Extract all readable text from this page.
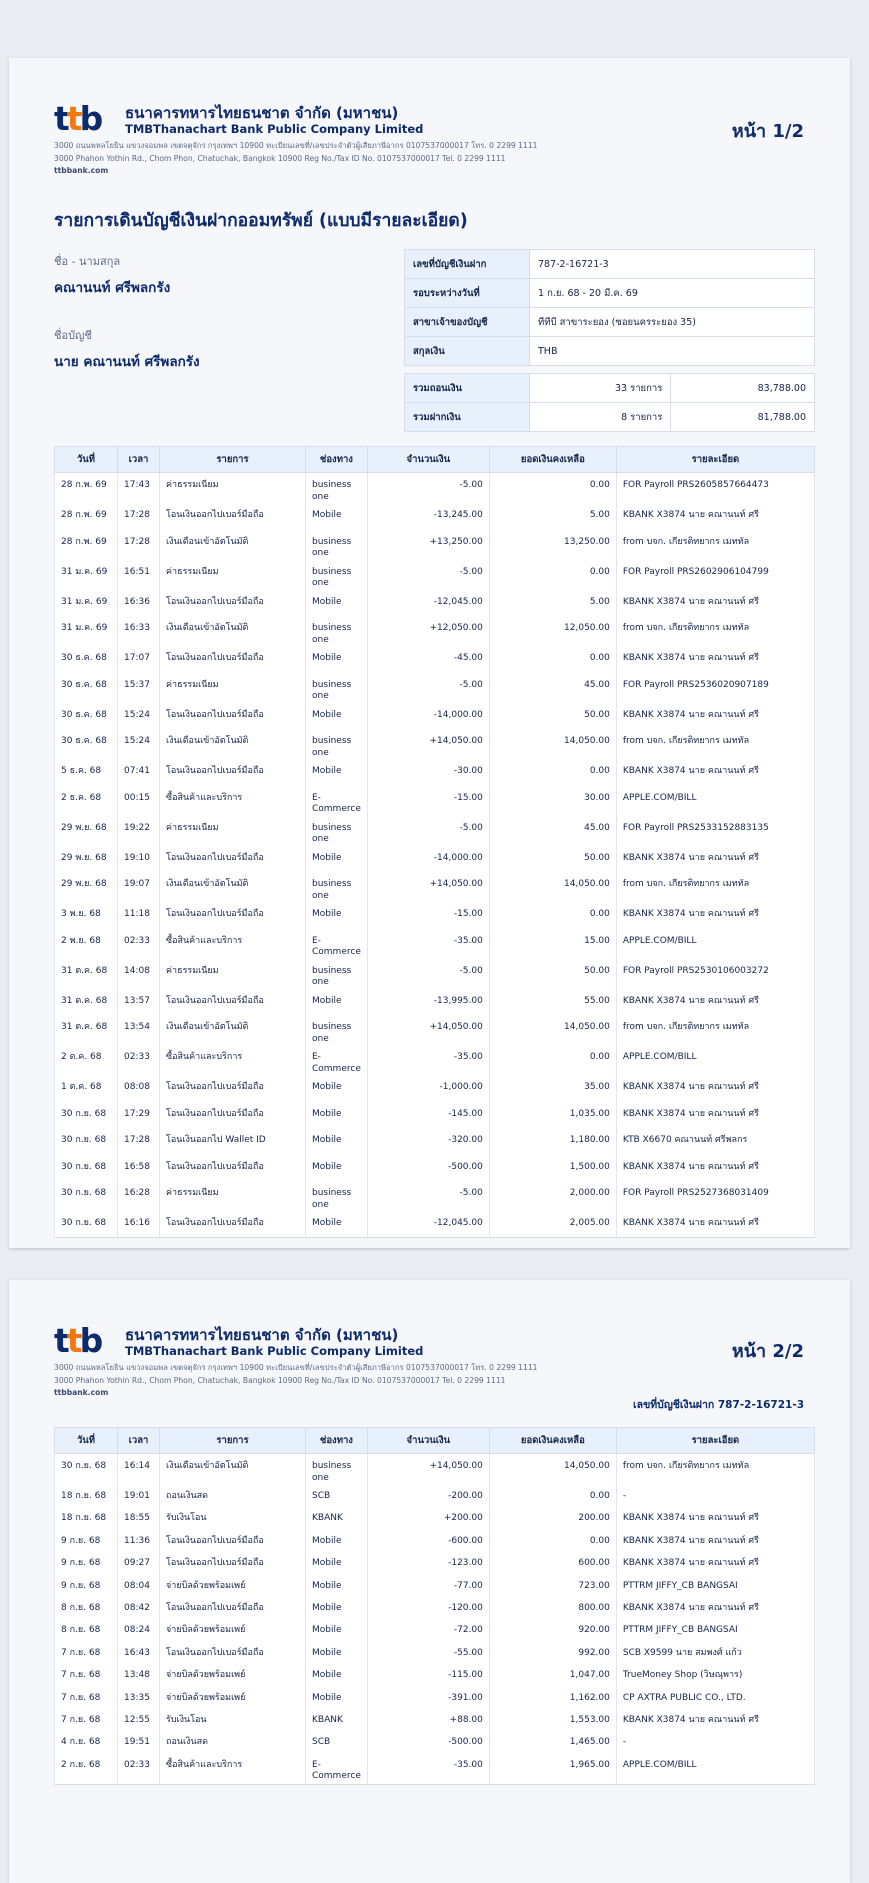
ttb ธนาคารทหารไทยธนชาต จำกัด (มหาชน)
TMBThanachart Bank Public Company Limited	หน้า 1/2
3000 ถนนพหลโยธิน แขวงจอมพล เขตจตุจักร กรุงเทพฯ 10900 ทะเบียนเลขที่/เลขประจำตัวผู้เสียภาษีอากร 0107537000017 โทร. 0 2299 1111
3000 Phahon Yothin Rd., Chom Phon, Chatuchak, Bangkok 10900 Reg No./Tax ID No. 0107537000017 Tel. 0 2299 1111
ttbbank.com
รายการเดินบัญชีเงินฝากออมทรัพย์ (แบบมีรายละเอียด)
ชื่อ - นามสกุล
คณานนท์ ศรีพลกรัง
ชื่อบัญชี
นาย คณานนท์ ศรีพลกรัง
เลขที่บัญชีเงินฝาก	787-2-16721-3	
รอบระหว่างวันที่	1 ก.ย. 68 - 20 มี.ค. 69	
สาขาเจ้าของบัญชี	ทีทีบี สาขาระยอง (ซอยนครระยอง 35)	
สกุลเงิน	THB	

รวมถอนเงิน	33 รายการ	83,788.00
รวมฝากเงิน	8 รายการ	81,788.00
วันที่	เวลา	รายการ	ช่องทาง	จำนวนเงิน	ยอดเงินคงเหลือ	รายละเอียด
28 ก.พ. 69	17:43	ค่าธรรมเนียม	business one	-5.00	0.00	FOR Payroll PRS2605857664473
28 ก.พ. 69	17:28	โอนเงินออกไปเบอร์มือถือ	Mobile	-13,245.00	5.00	KBANK X3874 นาย คณานนท์ ศรี
28 ก.พ. 69	17:28	เงินเดือนเข้าอัตโนมัติ	business one	+13,250.00	13,250.00	from บจก. เกียรติทยากร เมททัล
31 ม.ค. 69	16:51	ค่าธรรมเนียม	business one	-5.00	0.00	FOR Payroll PRS2602906104799
31 ม.ค. 69	16:36	โอนเงินออกไปเบอร์มือถือ	Mobile	-12,045.00	5.00	KBANK X3874 นาย คณานนท์ ศรี
31 ม.ค. 69	16:33	เงินเดือนเข้าอัตโนมัติ	business one	+12,050.00	12,050.00	from บจก. เกียรติทยากร เมททัล
30 ธ.ค. 68	17:07	โอนเงินออกไปเบอร์มือถือ	Mobile	-45.00	0.00	KBANK X3874 นาย คณานนท์ ศรี
30 ธ.ค. 68	15:37	ค่าธรรมเนียม	business one	-5.00	45.00	FOR Payroll PRS2536020907189
30 ธ.ค. 68	15:24	โอนเงินออกไปเบอร์มือถือ	Mobile	-14,000.00	50.00	KBANK X3874 นาย คณานนท์ ศรี
30 ธ.ค. 68	15:24	เงินเดือนเข้าอัตโนมัติ	business one	+14,050.00	14,050.00	from บจก. เกียรติทยากร เมททัล
5 ธ.ค. 68	07:41	โอนเงินออกไปเบอร์มือถือ	Mobile	-30.00	0.00	KBANK X3874 นาย คณานนท์ ศรี
2 ธ.ค. 68	00:15	ซื้อสินค้าและบริการ	E-Commerce	-15.00	30.00	APPLE.COM/BILL
29 พ.ย. 68	19:22	ค่าธรรมเนียม	business one	-5.00	45.00	FOR Payroll PRS2533152883135
29 พ.ย. 68	19:10	โอนเงินออกไปเบอร์มือถือ	Mobile	-14,000.00	50.00	KBANK X3874 นาย คณานนท์ ศรี
29 พ.ย. 68	19:07	เงินเดือนเข้าอัตโนมัติ	business one	+14,050.00	14,050.00	from บจก. เกียรติทยากร เมททัล
3 พ.ย. 68	11:18	โอนเงินออกไปเบอร์มือถือ	Mobile	-15.00	0.00	KBANK X3874 นาย คณานนท์ ศรี
2 พ.ย. 68	02:33	ซื้อสินค้าและบริการ	E-Commerce	-35.00	15.00	APPLE.COM/BILL
31 ต.ค. 68	14:08	ค่าธรรมเนียม	business one	-5.00	50.00	FOR Payroll PRS2530106003272
31 ต.ค. 68	13:57	โอนเงินออกไปเบอร์มือถือ	Mobile	-13,995.00	55.00	KBANK X3874 นาย คณานนท์ ศรี
31 ต.ค. 68	13:54	เงินเดือนเข้าอัตโนมัติ	business one	+14,050.00	14,050.00	from บจก. เกียรติทยากร เมททัล
2 ต.ค. 68	02:33	ซื้อสินค้าและบริการ	E-Commerce	-35.00	0.00	APPLE.COM/BILL
1 ต.ค. 68	08:08	โอนเงินออกไปเบอร์มือถือ	Mobile	-1,000.00	35.00	KBANK X3874 นาย คณานนท์ ศรี
30 ก.ย. 68	17:29	โอนเงินออกไปเบอร์มือถือ	Mobile	-145.00	1,035.00	KBANK X3874 นาย คณานนท์ ศรี
30 ก.ย. 68	17:28	โอนเงินออกไป Wallet ID	Mobile	-320.00	1,180.00	KTB X6670 คณานนท์ ศรีพลกร
30 ก.ย. 68	16:58	โอนเงินออกไปเบอร์มือถือ	Mobile	-500.00	1,500.00	KBANK X3874 นาย คณานนท์ ศรี
30 ก.ย. 68	16:28	ค่าธรรมเนียม	business one	-5.00	2,000.00	FOR Payroll PRS2527368031409
30 ก.ย. 68	16:16	โอนเงินออกไปเบอร์มือถือ	Mobile	-12,045.00	2,005.00	KBANK X3874 นาย คณานนท์ ศรี
ttb ธนาคารทหารไทยธนชาต จำกัด (มหาชน)
TMBThanachart Bank Public Company Limited	หน้า 2/2
3000 ถนนพหลโยธิน แขวงจอมพล เขตจตุจักร กรุงเทพฯ 10900 ทะเบียนเลขที่/เลขประจำตัวผู้เสียภาษีอากร 0107537000017 โทร. 0 2299 1111
3000 Phahon Yothin Rd., Chom Phon, Chatuchak, Bangkok 10900 Reg No./Tax ID No. 0107537000017 Tel. 0 2299 1111
ttbbank.com
เลขที่บัญชีเงินฝาก 787-2-16721-3
วันที่	เวลา	รายการ	ช่องทาง	จำนวนเงิน	ยอดเงินคงเหลือ	รายละเอียด
30 ก.ย. 68	16:14	เงินเดือนเข้าอัตโนมัติ	business one	+14,050.00	14,050.00	from บจก. เกียรติทยากร เมททัล
18 ก.ย. 68	19:01	ถอนเงินสด	SCB	-200.00	0.00	-
18 ก.ย. 68	18:55	รับเงินโอน	KBANK	+200.00	200.00	KBANK X3874 นาย คณานนท์ ศรี
9 ก.ย. 68	11:36	โอนเงินออกไปเบอร์มือถือ	Mobile	-600.00	0.00	KBANK X3874 นาย คณานนท์ ศรี
9 ก.ย. 68	09:27	โอนเงินออกไปเบอร์มือถือ	Mobile	-123.00	600.00	KBANK X3874 นาย คณานนท์ ศรี
9 ก.ย. 68	08:04	จ่ายบิลด้วยพร้อมเพย์	Mobile	-77.00	723.00	PTTRM JIFFY_CB BANGSAI
8 ก.ย. 68	08:42	โอนเงินออกไปเบอร์มือถือ	Mobile	-120.00	800.00	KBANK X3874 นาย คณานนท์ ศรี
8 ก.ย. 68	08:24	จ่ายบิลด้วยพร้อมเพย์	Mobile	-72.00	920.00	PTTRM JIFFY_CB BANGSAI
7 ก.ย. 68	16:43	โอนเงินออกไปเบอร์มือถือ	Mobile	-55.00	992.00	SCB X9599 นาย สมพงศ์ แก้ว
7 ก.ย. 68	13:48	จ่ายบิลด้วยพร้อมเพย์	Mobile	-115.00	1,047.00	TrueMoney Shop (วิษณุพาร)
7 ก.ย. 68	13:35	จ่ายบิลด้วยพร้อมเพย์	Mobile	-391.00	1,162.00	CP AXTRA PUBLIC CO., LTD.
7 ก.ย. 68	12:55	รับเงินโอน	KBANK	+88.00	1,553.00	KBANK X3874 นาย คณานนท์ ศรี
4 ก.ย. 68	19:51	ถอนเงินสด	SCB	-500.00	1,465.00	-
2 ก.ย. 68	02:33	ซื้อสินค้าและบริการ	E-Commerce	-35.00	1,965.00	APPLE.COM/BILL
